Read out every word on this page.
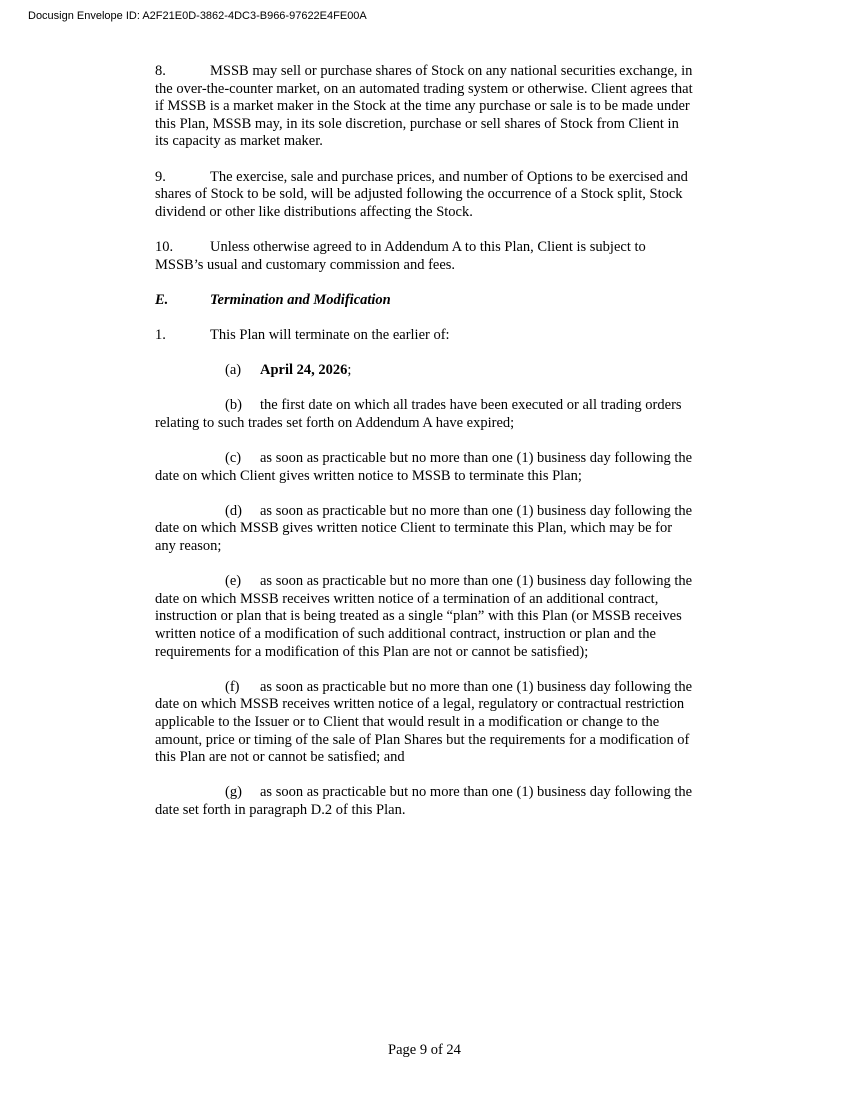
Docusign Envelope ID: A2F21E0D-3862-4DC3-B966-97622E4FE00A

8.	MSSB may sell or purchase shares of Stock on any national securities exchange, in the over-the-counter market, on an automated trading system or otherwise. Client agrees that if MSSB is a market maker in the Stock at the time any purchase or sale is to be made under this Plan, MSSB may, in its sole discretion, purchase or sell shares of Stock from Client in its capacity as market maker.

9.	The exercise, sale and purchase prices, and number of Options to be exercised and shares of Stock to be sold, will be adjusted following the occurrence of a Stock split, Stock dividend or other like distributions affecting the Stock.

10.	Unless otherwise agreed to in Addendum A to this Plan, Client is subject to MSSB’s usual and customary commission and fees.

E.	Termination and Modification

1.	This Plan will terminate on the earlier of:

(a) April 24, 2026;

(b) the first date on which all trades have been executed or all trading orders relating to such trades set forth on Addendum A have expired;

(c) as soon as practicable but no more than one (1) business day following the date on which Client gives written notice to MSSB to terminate this Plan;

(d) as soon as practicable but no more than one (1) business day following the date on which MSSB gives written notice Client to terminate this Plan, which may be for any reason;

(e) as soon as practicable but no more than one (1) business day following the date on which MSSB receives written notice of a termination of an additional contract, instruction or plan that is being treated as a single “plan” with this Plan (or MSSB receives written notice of a modification of such additional contract, instruction or plan and the requirements for a modification of this Plan are not or cannot be satisfied);

(f) as soon as practicable but no more than one (1) business day following the date on which MSSB receives written notice of a legal, regulatory or contractual restriction applicable to the Issuer or to Client that would result in a modification or change to the amount, price or timing of the sale of Plan Shares but the requirements for a modification of this Plan are not or cannot be satisfied; and

(g) as soon as practicable but no more than one (1) business day following the date set forth in paragraph D.2 of this Plan.

Page 9 of 24
